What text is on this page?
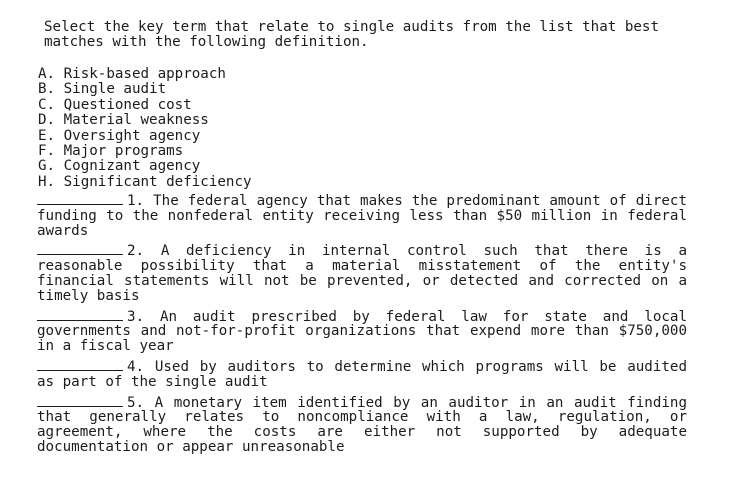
Select the key term that relate to single audits from the list that best matches with the following definition.

A. Risk-based approach
B. Single audit
C. Questioned cost
D. Material weakness
E. Oversight agency
F. Major programs
G. Cognizant agency
H. Significant deficiency

1. The federal agency that makes the predominant amount of direct funding to the nonfederal entity receiving less than $50 million in federal awards

2. A deficiency in internal control such that there is a reasonable possibility that a material misstatement of the entity's financial statements will not be prevented, or detected and corrected on a timely basis

3. An audit prescribed by federal law for state and local governments and not-for-profit organizations that expend more than $750,000 in a fiscal year

4. Used by auditors to determine which programs will be audited as part of the single audit

5. A monetary item identified by an auditor in an audit finding that generally relates to noncompliance with a law, regulation, or agreement, where the costs are either not supported by adequate documentation or appear unreasonable
